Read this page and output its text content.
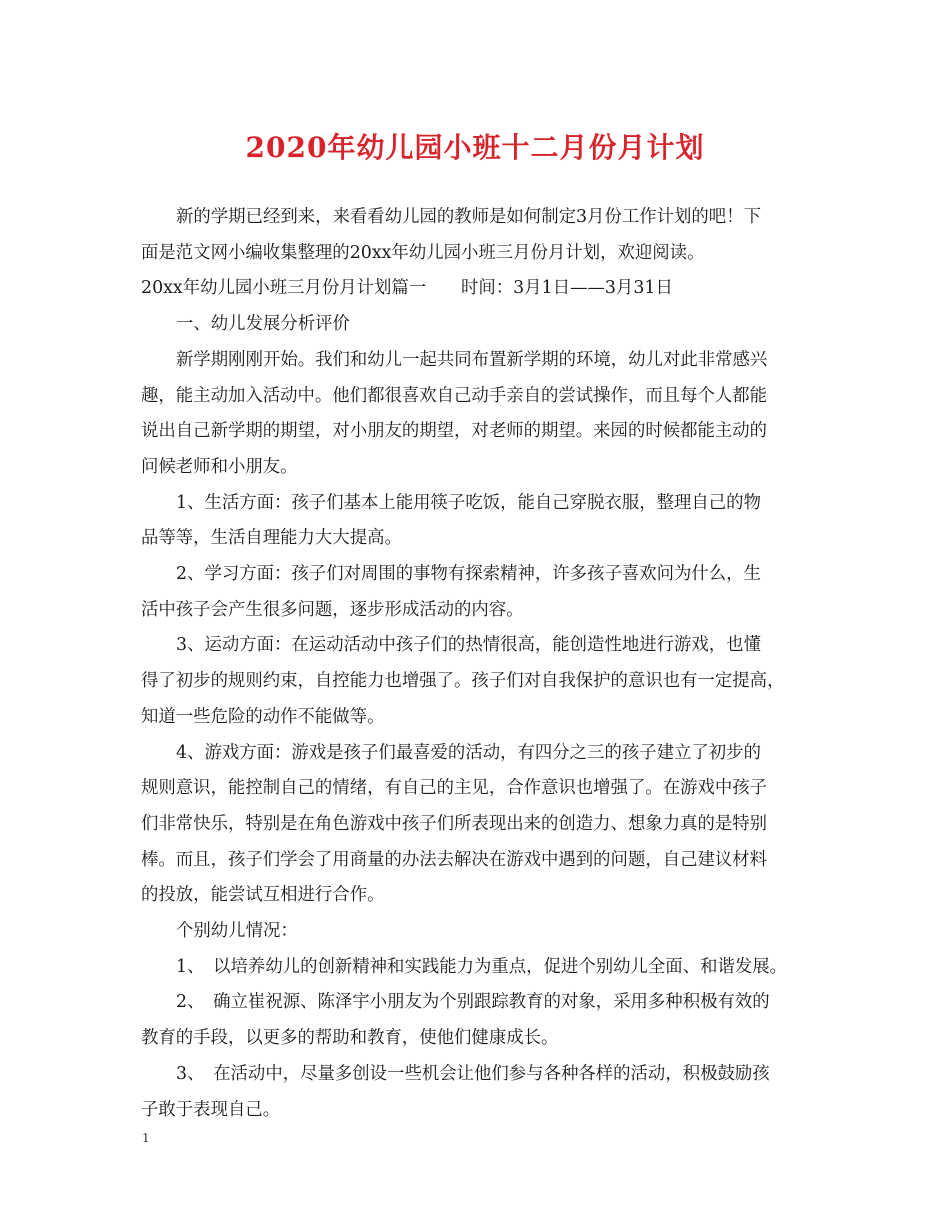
2020年幼儿园小班十二月份月计划
新的学期已经到来，来看看幼儿园的教师是如何制定3月份工作计划的吧！下
面是范文网小编收集整理的20xx年幼儿园小班三月份月计划，欢迎阅读。
20xx年幼儿园小班三月份月计划篇一　　时间：3月1日——3月31日
一、幼儿发展分析评价
新学期刚刚开始。我们和幼儿一起共同布置新学期的环境，幼儿对此非常感兴
趣，能主动加入活动中。他们都很喜欢自己动手亲自的尝试操作，而且每个人都能
说出自己新学期的期望，对小朋友的期望，对老师的期望。来园的时候都能主动的
问候老师和小朋友。
1、生活方面：孩子们基本上能用筷子吃饭，能自己穿脱衣服，整理自己的物
品等等，生活自理能力大大提高。
2、学习方面：孩子们对周围的事物有探索精神，许多孩子喜欢问为什么，生
活中孩子会产生很多问题，逐步形成活动的内容。
3、运动方面：在运动活动中孩子们的热情很高，能创造性地进行游戏，也懂
得了初步的规则约束，自控能力也增强了。孩子们对自我保护的意识也有一定提高，
知道一些危险的动作不能做等。
4、游戏方面：游戏是孩子们最喜爱的活动，有四分之三的孩子建立了初步的
规则意识，能控制自己的情绪，有自己的主见，合作意识也增强了。在游戏中孩子
们非常快乐，特别是在角色游戏中孩子们所表现出来的创造力、想象力真的是特别
棒。而且，孩子们学会了用商量的办法去解决在游戏中遇到的问题，自己建议材料
的投放，能尝试互相进行合作。
个别幼儿情况：
1、　以培养幼儿的创新精神和实践能力为重点，促进个别幼儿全面、和谐发展。
2、　确立崔祝源、陈泽宇小朋友为个别跟踪教育的对象，采用多种积极有效的
教育的手段，以更多的帮助和教育，使他们健康成长。
3、　在活动中，尽量多创设一些机会让他们参与各种各样的活动，积极鼓励孩
子敢于表现自己。
1
